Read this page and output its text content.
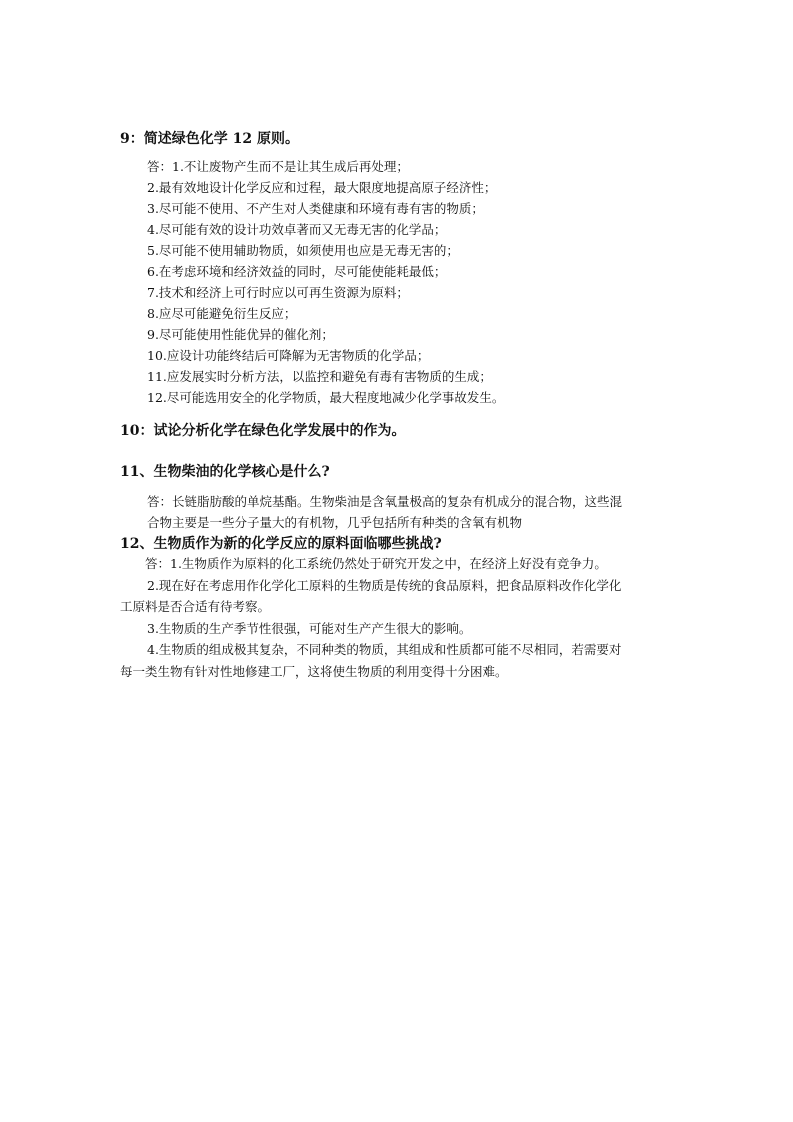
9：简述绿色化学 12 原则。
答：1.不让废物产生而不是让其生成后再处理；
2.最有效地设计化学反应和过程，最大限度地提高原子经济性；
3.尽可能不使用、不产生对人类健康和环境有毒有害的物质；
4.尽可能有效的设计功效卓著而又无毒无害的化学品；
5.尽可能不使用辅助物质，如须使用也应是无毒无害的；
6.在考虑环境和经济效益的同时，尽可能使能耗最低；
7.技术和经济上可行时应以可再生资源为原料；
8.应尽可能避免衍生反应；
9.尽可能使用性能优异的催化剂；
10.应设计功能终结后可降解为无害物质的化学品；
11.应发展实时分析方法，以监控和避免有毒有害物质的生成；
12.尽可能选用安全的化学物质，最大程度地减少化学事故发生。
10：试论分析化学在绿色化学发展中的作为。
11、生物柴油的化学核心是什么?
答：长链脂肪酸的单烷基酯。生物柴油是含氧量极高的复杂有机成分的混合物，这些混
合物主要是一些分子量大的有机物，几乎包括所有种类的含氧有机物
12、生物质作为新的化学反应的原料面临哪些挑战?
答：1.生物质作为原料的化工系统仍然处于研究开发之中，在经济上好没有竞争力。
2.现在好在考虑用作化学化工原料的生物质是传统的食品原料，把食品原料改作化学化
工原料是否合适有待考察。
3.生物质的生产季节性很强，可能对生产产生很大的影响。
4.生物质的组成极其复杂，不同种类的物质，其组成和性质都可能不尽相同，若需要对
每一类生物有针对性地修建工厂，这将使生物质的利用变得十分困难。
